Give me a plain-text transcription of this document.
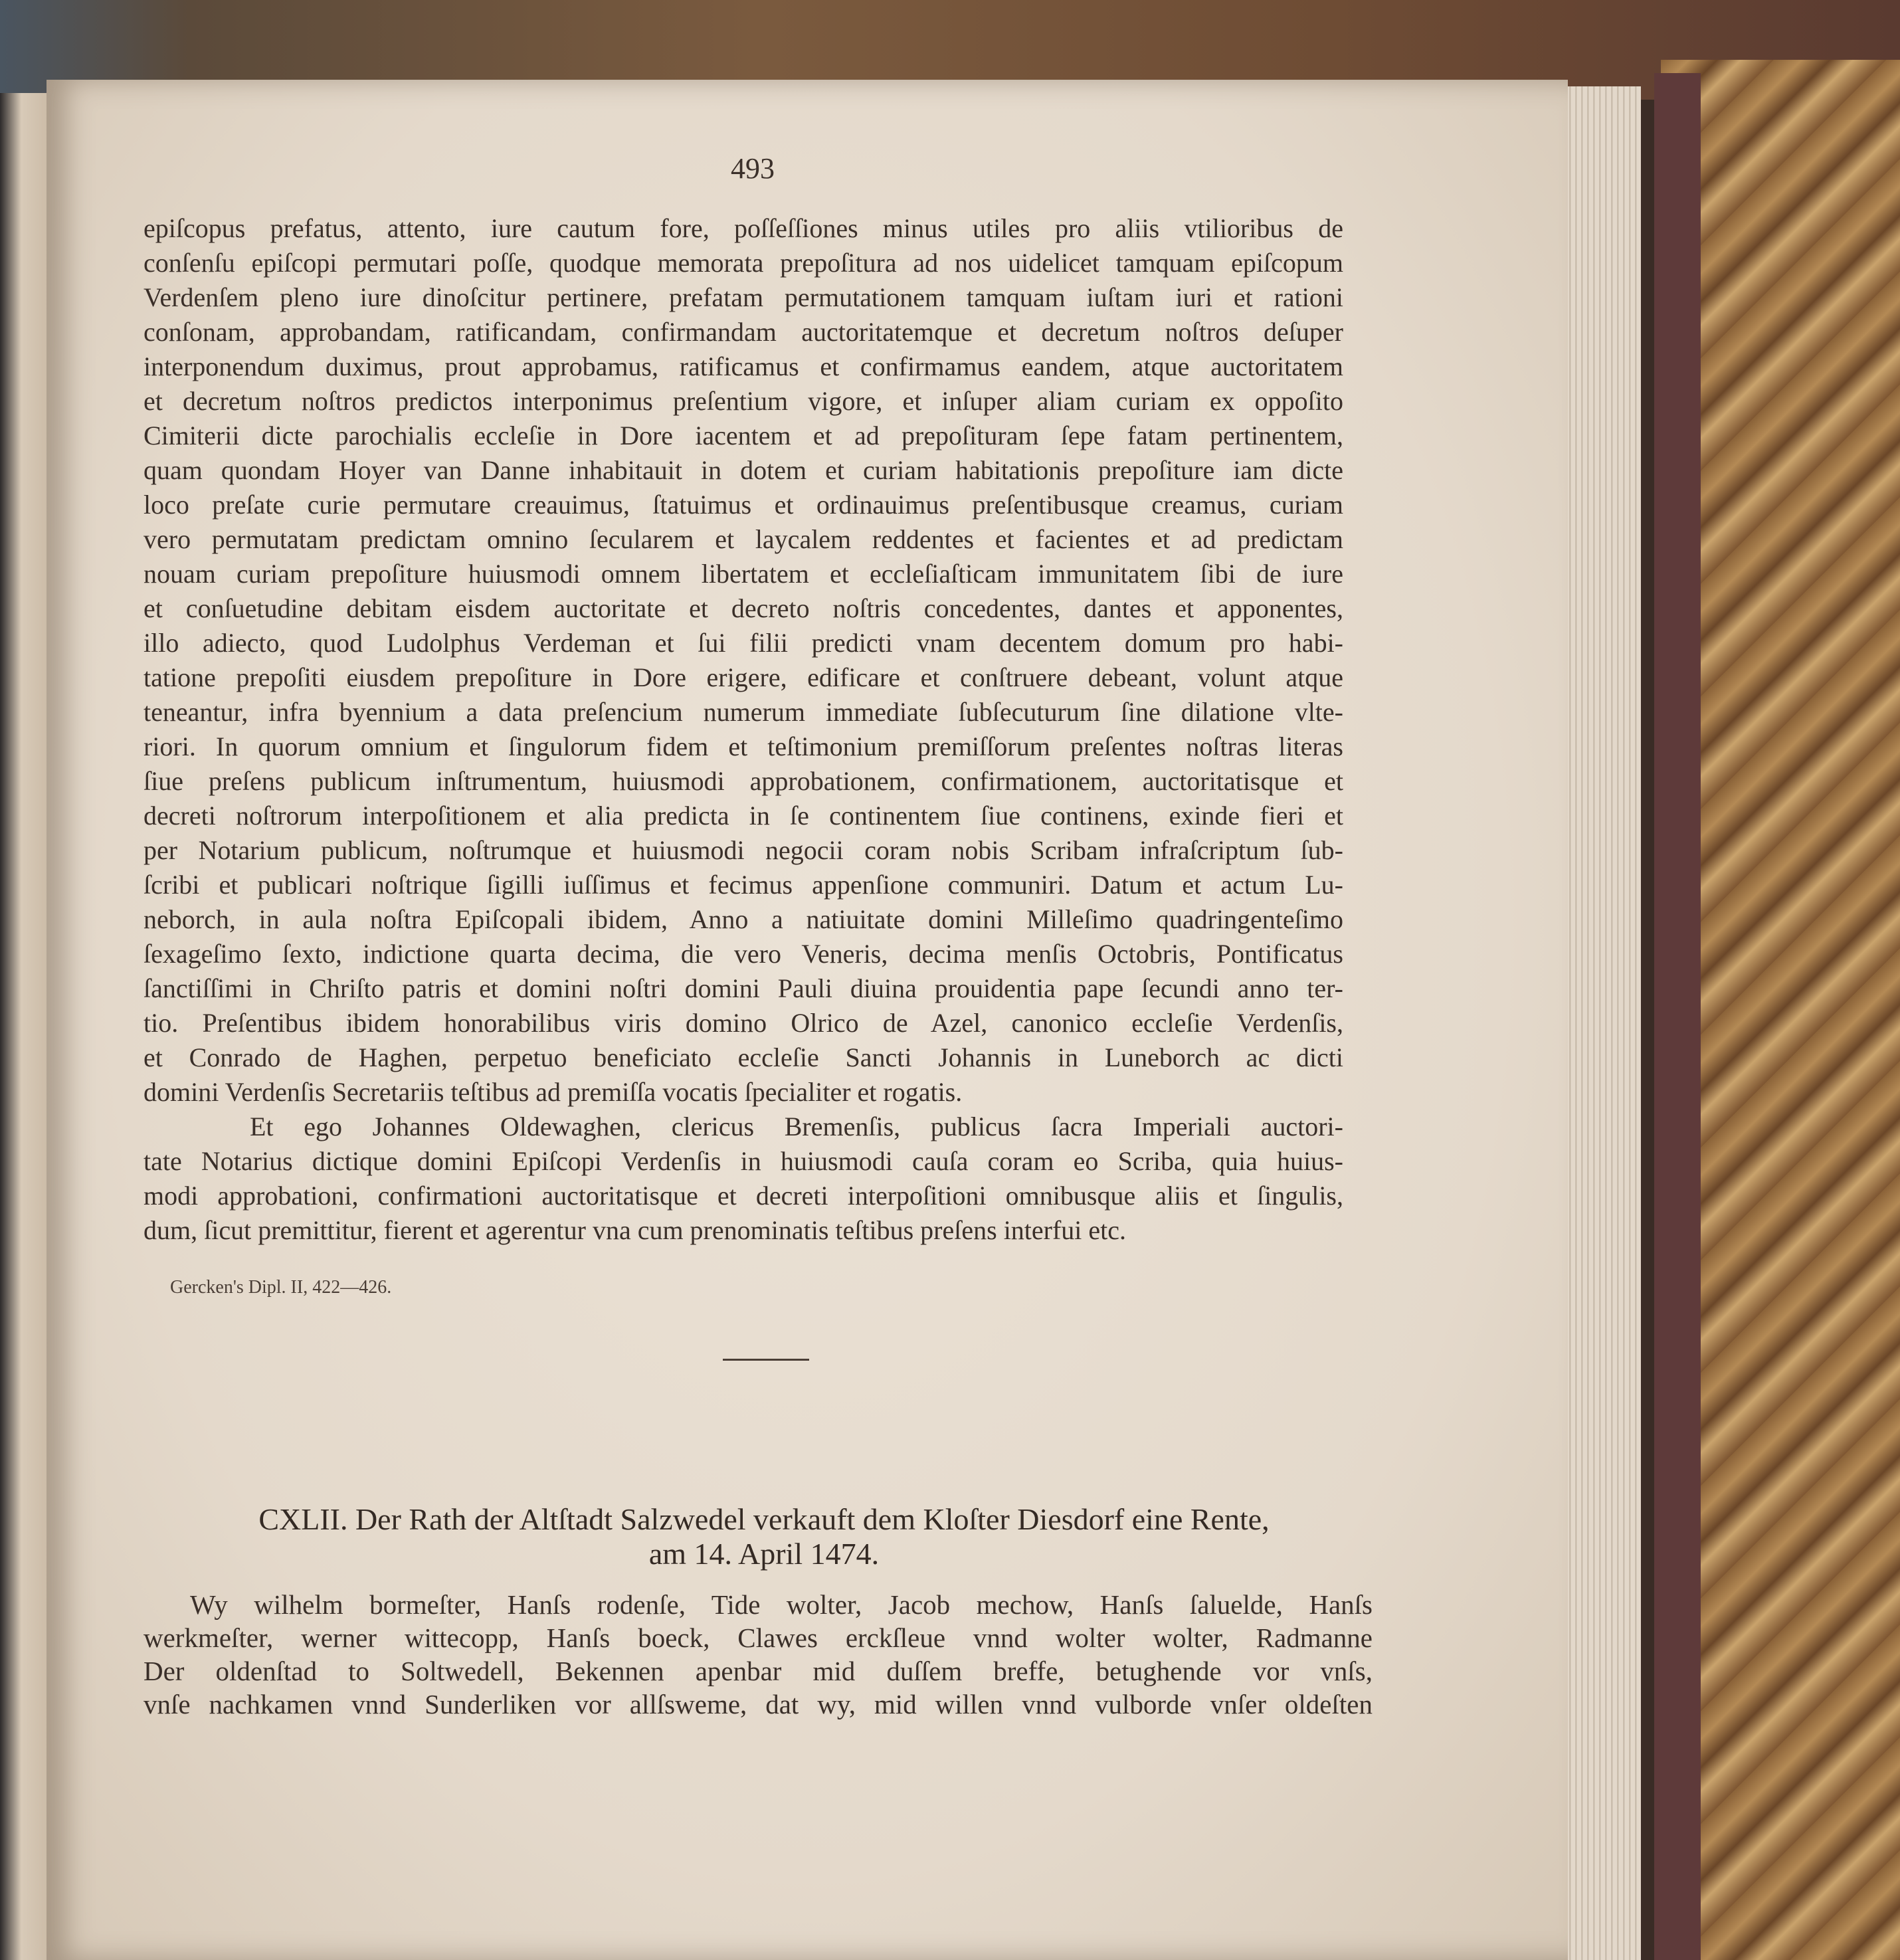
493
epiſcopus prefatus, attento, iure cautum fore, poſſeſſiones minus utiles pro aliis vtilioribus de
conſenſu epiſcopi permutari poſſe, quodque memorata prepoſitura ad nos uidelicet tamquam epiſcopum
Verdenſem pleno iure dinoſcitur pertinere, prefatam permutationem tamquam iuſtam iuri et rationi
conſonam, approbandam, ratificandam, confirmandam auctoritatemque et decretum noſtros deſuper
interponendum duximus, prout approbamus, ratificamus et confirmamus eandem, atque auctoritatem
et decretum noſtros predictos interponimus preſentium vigore, et inſuper aliam curiam ex oppoſito
Cimiterii dicte parochialis eccleſie in Dore iacentem et ad prepoſituram ſepe fatam pertinentem,
quam quondam Hoyer van Danne inhabitauit in dotem et curiam habitationis prepoſiture iam dicte
loco preſate curie permutare creauimus, ſtatuimus et ordinauimus preſentibusque creamus, curiam
vero permutatam predictam omnino ſecularem et laycalem reddentes et facientes et ad predictam
nouam curiam prepoſiture huiusmodi omnem libertatem et eccleſiaſticam immunitatem ſibi de iure
et conſuetudine debitam eisdem auctoritate et decreto noſtris concedentes, dantes et apponentes,
illo adiecto, quod Ludolphus Verdeman et ſui filii predicti vnam decentem domum pro habi-
tatione prepoſiti eiusdem prepoſiture in Dore erigere, edificare et conſtruere debeant, volunt atque
teneantur, infra byennium a data preſencium numerum immediate ſubſecuturum ſine dilatione vlte-
riori. In quorum omnium et ſingulorum fidem et teſtimonium premiſſorum preſentes noſtras literas
ſiue preſens publicum inſtrumentum, huiusmodi approbationem, confirmationem, auctoritatisque et
decreti noſtrorum interpoſitionem et alia predicta in ſe continentem ſiue continens, exinde fieri et
per Notarium publicum, noſtrumque et huiusmodi negocii coram nobis Scribam infraſcriptum ſub-
ſcribi et publicari noſtrique ſigilli iuſſimus et fecimus appenſione communiri. Datum et actum Lu-
neborch, in aula noſtra Epiſcopali ibidem, Anno a natiuitate domini Milleſimo quadringenteſimo
ſexageſimo ſexto, indictione quarta decima, die vero Veneris, decima menſis Octobris, Pontificatus
ſanctiſſimi in Chriſto patris et domini noſtri domini Pauli diuina prouidentia pape ſecundi anno ter-
tio. Preſentibus ibidem honorabilibus viris domino Olrico de Azel, canonico eccleſie Verdenſis,
et Conrado de Haghen, perpetuo beneficiato eccleſie Sancti Johannis in Luneborch ac dicti
domini Verdenſis Secretariis teſtibus ad premiſſa vocatis ſpecialiter et rogatis.
Et ego Johannes Oldewaghen, clericus Bremenſis, publicus ſacra Imperiali auctori-
tate Notarius dictique domini Epiſcopi Verdenſis in huiusmodi cauſa coram eo Scriba, quia huius-
modi approbationi, confirmationi auctoritatisque et decreti interpoſitioni omnibusque aliis et ſingulis,
dum, ſicut premittitur, fierent et agerentur vna cum prenominatis teſtibus preſens interfui etc.
Gercken's Dipl. II, 422—426.
CXLII. Der Rath der Altſtadt Salzwedel verkauft dem Kloſter Diesdorf eine Rente,
am 14. April 1474.
Wy wilhelm bormeſter, Hanſs rodenſe, Tide wolter, Jacob mechow, Hanſs ſaluelde, Hanſs
werkmeſter, werner wittecopp, Hanſs boeck, Clawes erckſleue vnnd wolter wolter, Radmanne
Der oldenſtad to Soltwedell, Bekennen apenbar mid duſſem breffe, betughende vor vnſs,
vnſe nachkamen vnnd Sunderliken vor allſsweme, dat wy, mid willen vnnd vulborde vnſer oldeſten
